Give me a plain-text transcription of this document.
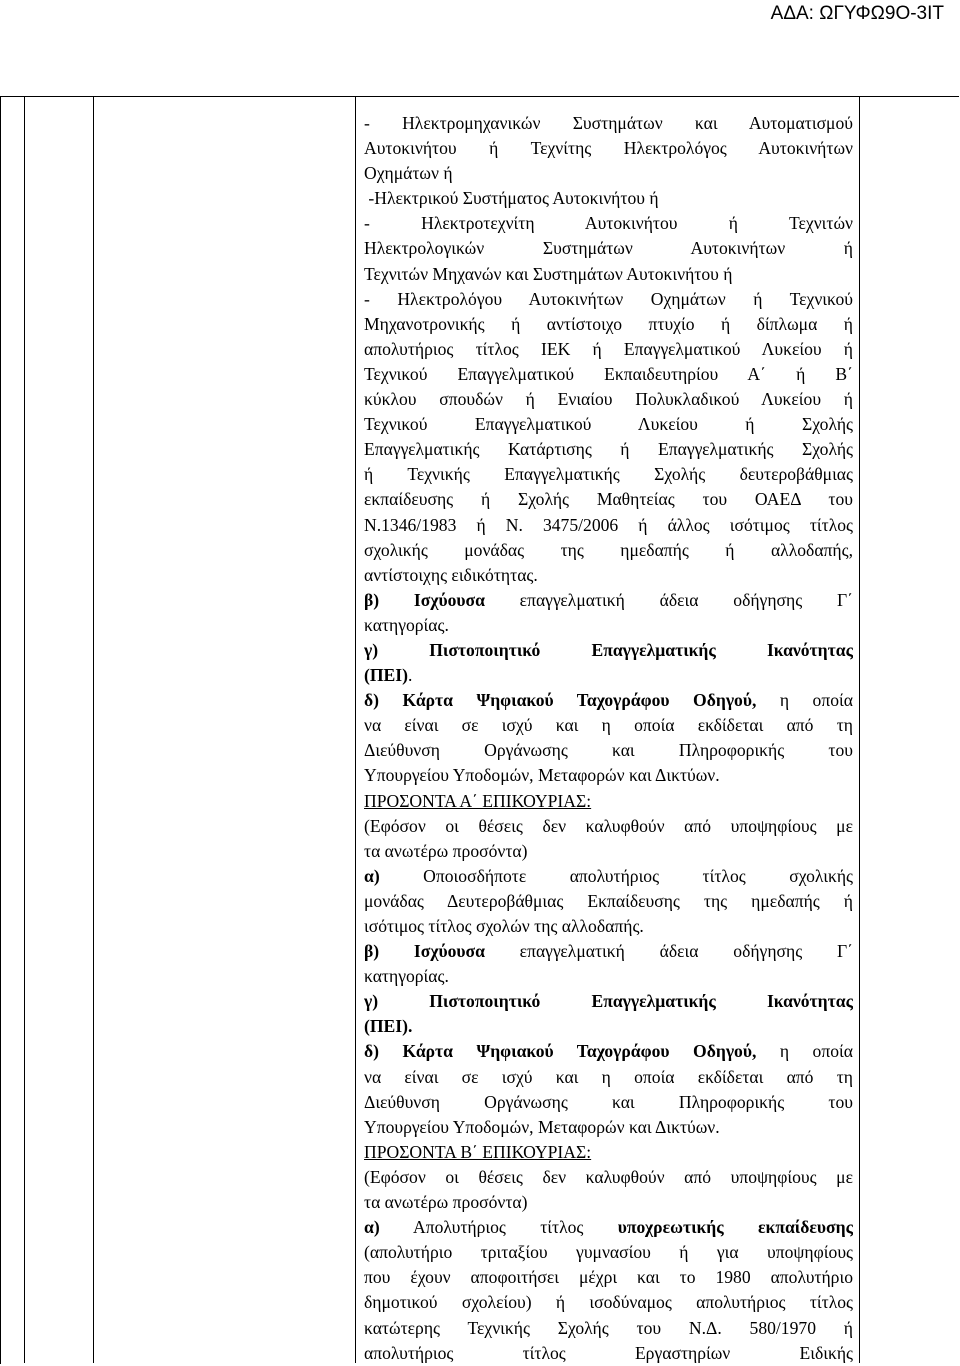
ΑΔΑ: ΩΓΥΦΩ9Ο-3ΙΤ
- Ηλεκτρομηχανικών Συστημάτων και Αυτοματισμού
Αυτοκινήτου ή Τεχνίτης Ηλεκτρολόγος Αυτοκινήτων
Οχημάτων ή
-Ηλεκτρικού Συστήματος Αυτοκινήτου ή
- Ηλεκτροτεχνίτη Αυτοκινήτου ή Τεχνιτών
Ηλεκτρολογικών Συστημάτων Αυτοκινήτων ή
Τεχνιτών Μηχανών και Συστημάτων Αυτοκινήτου ή
- Ηλεκτρολόγου Αυτοκινήτων Οχημάτων ή Τεχνικού
Μηχανοτρονικής ή αντίστοιχο πτυχίο ή δίπλωμα ή
απολυτήριος τίτλος ΙΕΚ ή Επαγγελματικού Λυκείου ή
Τεχνικού Επαγγελματικού Εκπαιδευτηρίου Α΄ ή Β΄
κύκλου σπουδών ή Ενιαίου Πολυκλαδικού Λυκείου ή
Τεχνικού Επαγγελματικού Λυκείου ή Σχολής
Επαγγελματικής Κατάρτισης ή Επαγγελματικής Σχολής
ή Τεχνικής Επαγγελματικής Σχολής δευτεροβάθμιας
εκπαίδευσης ή Σχολής Μαθητείας του ΟΑΕΔ του
Ν.1346/1983 ή Ν. 3475/2006 ή άλλος ισότιμος τίτλος
σχολικής μονάδας της ημεδαπής ή αλλοδαπής,
αντίστοιχης ειδικότητας.
β) Ισχύουσα επαγγελματική άδεια οδήγησης Γ΄
κατηγορίας.
γ) Πιστοποιητικό Επαγγελματικής Ικανότητας
(ΠΕΙ).
δ) Κάρτα Ψηφιακού Ταχογράφου Οδηγού, η οποία
να είναι σε ισχύ και η οποία εκδίδεται από τη
Διεύθυνση Οργάνωσης και Πληροφορικής του
Υπουργείου Υποδομών, Μεταφορών και Δικτύων.
ΠΡΟΣΟΝΤΑ Α΄ ΕΠΙΚΟΥΡΙΑΣ:
(Εφόσον οι θέσεις δεν καλυφθούν από υποψηφίους με
τα ανωτέρω προσόντα)
α) Οποιοσδήποτε απολυτήριος τίτλος σχολικής
μονάδας Δευτεροβάθμιας Εκπαίδευσης της ημεδαπής ή
ισότιμος τίτλος σχολών της αλλοδαπής.
β) Ισχύουσα επαγγελματική άδεια οδήγησης Γ΄
κατηγορίας.
γ) Πιστοποιητικό Επαγγελματικής Ικανότητας
(ΠΕΙ).
δ) Κάρτα Ψηφιακού Ταχογράφου Οδηγού, η οποία
να είναι σε ισχύ και η οποία εκδίδεται από τη
Διεύθυνση Οργάνωσης και Πληροφορικής του
Υπουργείου Υποδομών, Μεταφορών και Δικτύων.
ΠΡΟΣΟΝΤΑ Β΄ ΕΠΙΚΟΥΡΙΑΣ:
(Εφόσον οι θέσεις δεν καλυφθούν από υποψηφίους με
τα ανωτέρω προσόντα)
α) Απολυτήριος τίτλος υποχρεωτικής εκπαίδευσης
(απολυτήριο τριταξίου γυμνασίου ή για υποψηφίους
που έχουν αποφοιτήσει μέχρι και το 1980 απολυτήριο
δημοτικού σχολείου) ή ισοδύναμος απολυτήριος τίτλος
κατώτερης Τεχνικής Σχολής του Ν.Δ. 580/1970 ή
απολυτήριος τίτλος Εργαστηρίων Ειδικής
